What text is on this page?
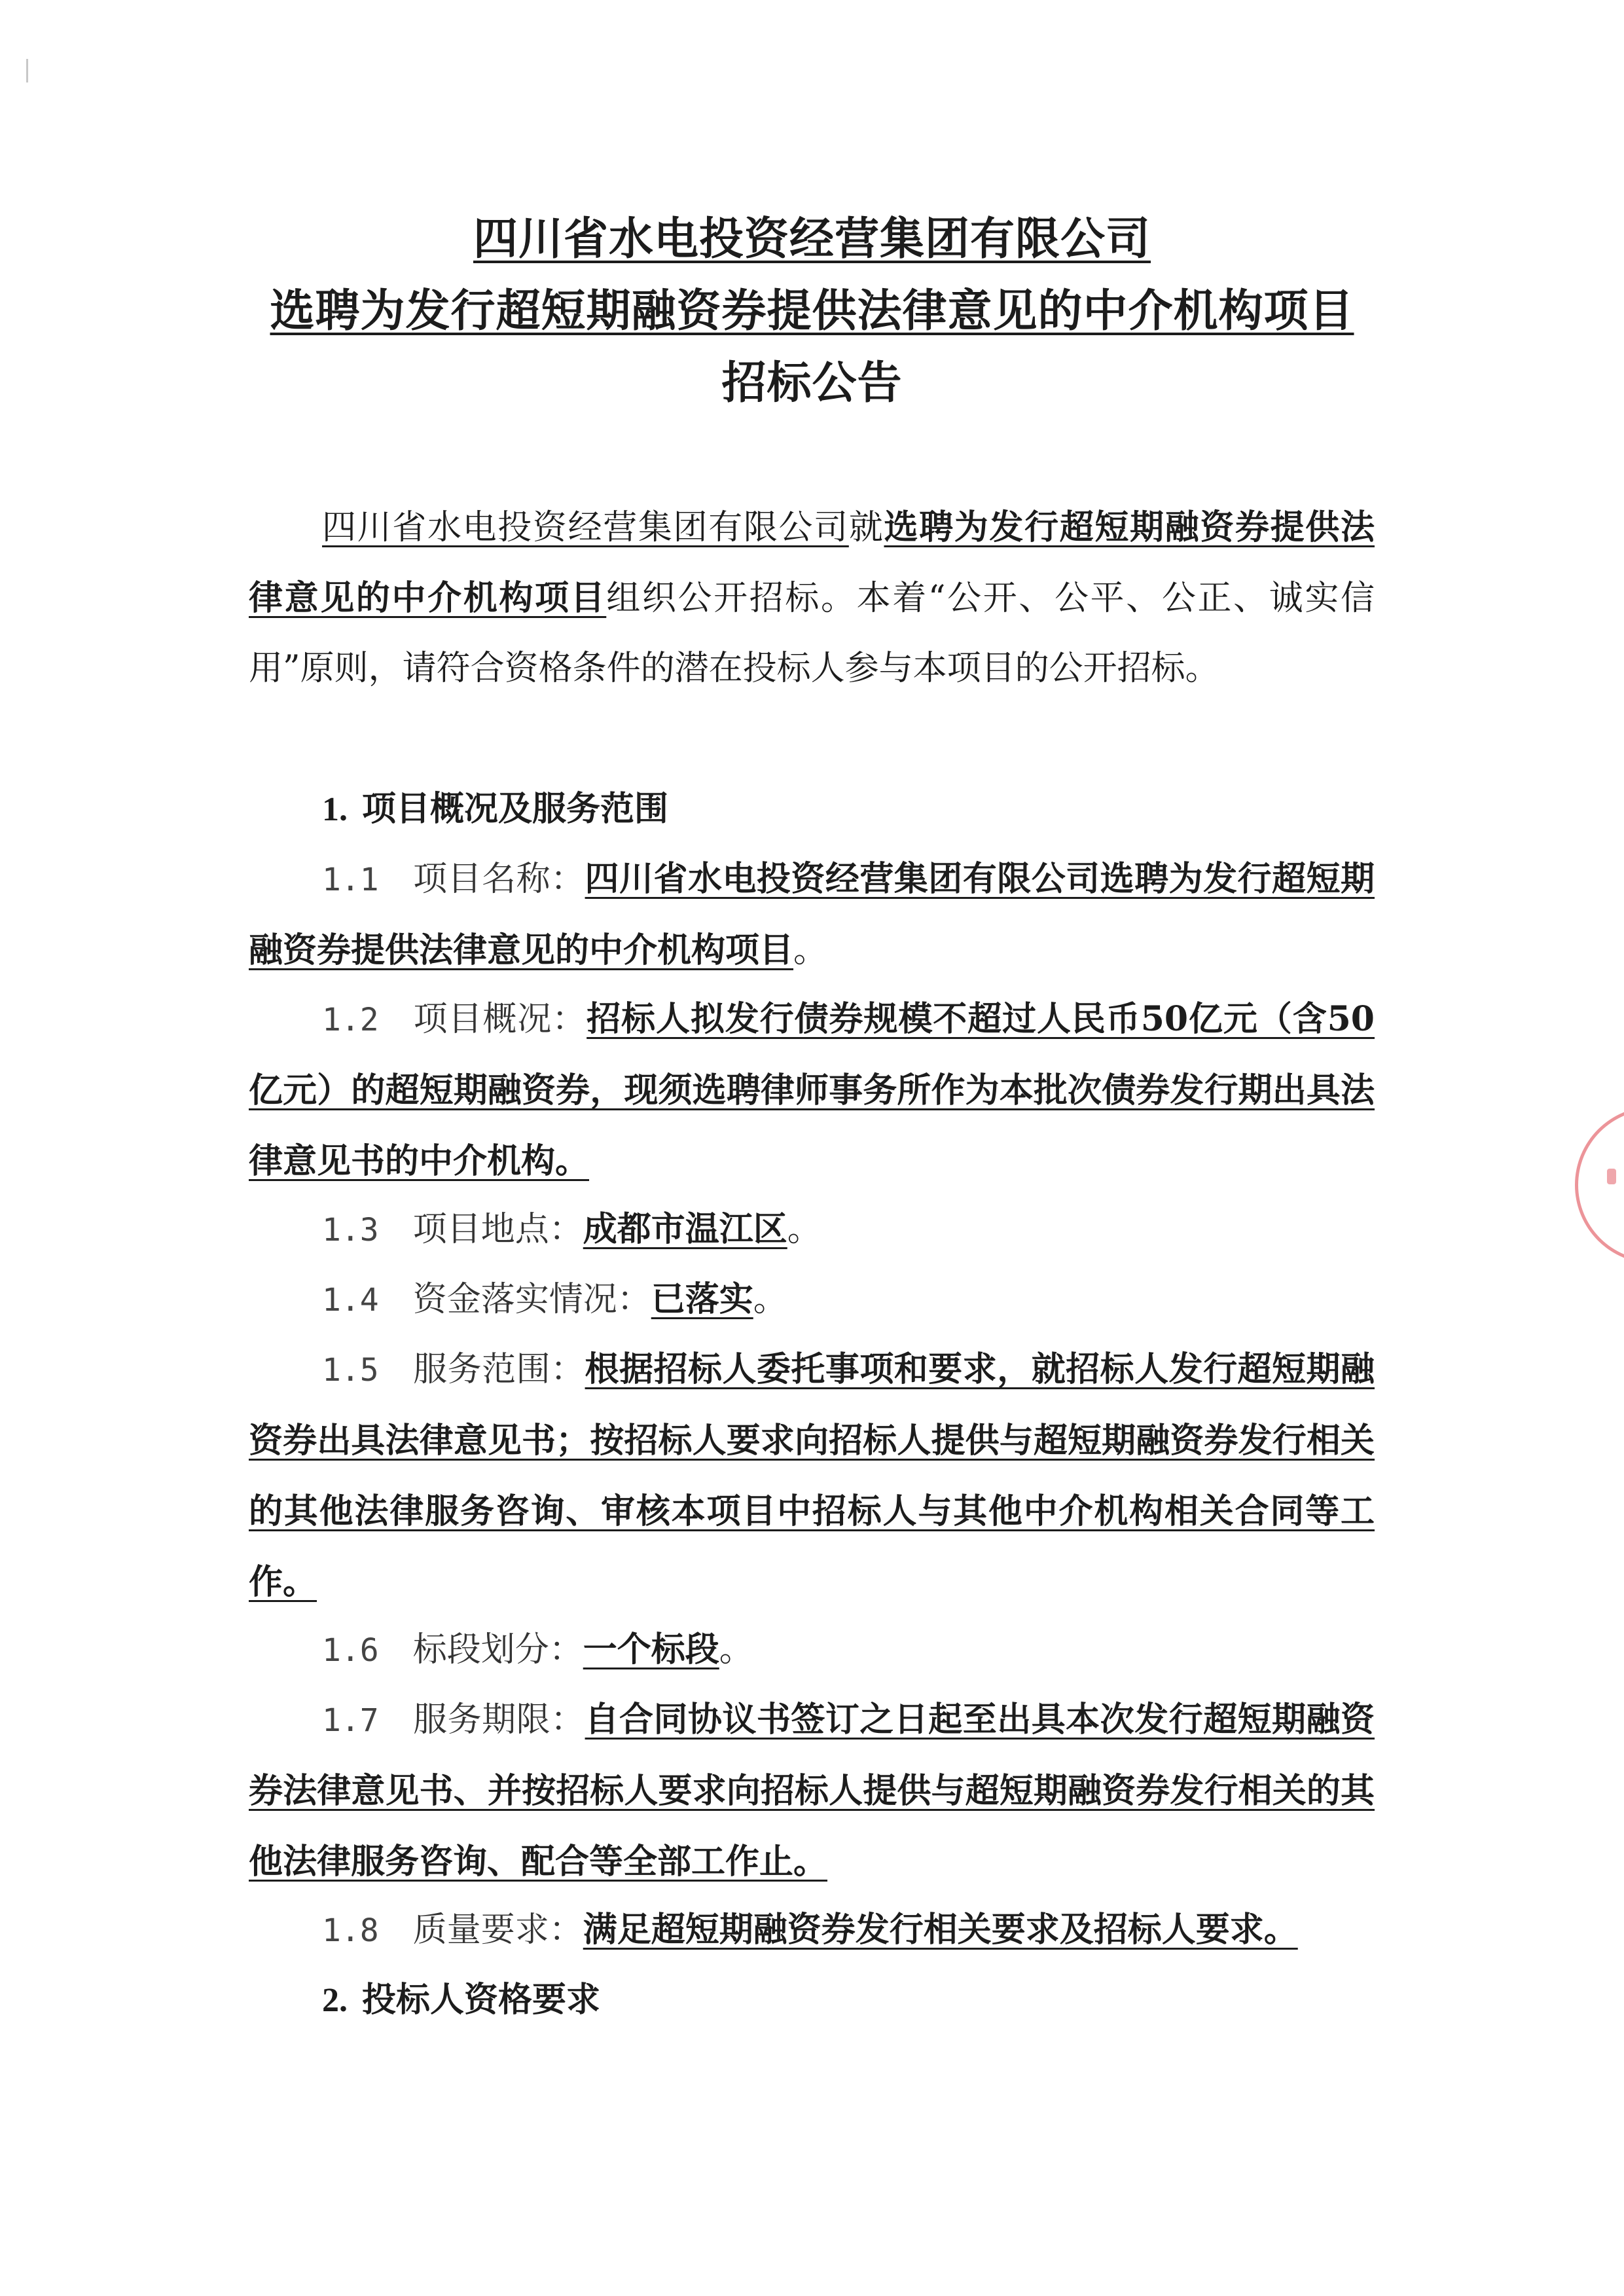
四川省水电投资经营集团有限公司
选聘为发行超短期融资券提供法律意见的中介机构项目
招标公告
四川省水电投资经营集团有限公司就选聘为发行超短期融资券提供法律意见的中介机构项目组织公开招标。本着“公开、公平、公正、诚实信用”原则，请符合资格条件的潜在投标人参与本项目的公开招标。
1. 项目概况及服务范围
1.1  项目名称：四川省水电投资经营集团有限公司选聘为发行超短期融资券提供法律意见的中介机构项目。
1.2  项目概况：招标人拟发行债券规模不超过人民币50亿元（含50亿元）的超短期融资券，现须选聘律师事务所作为本批次债券发行期出具法律意见书的中介机构。
1.3  项目地点：成都市温江区。
1.4  资金落实情况：已落实。
1.5  服务范围：根据招标人委托事项和要求，就招标人发行超短期融资券出具法律意见书；按招标人要求向招标人提供与超短期融资券发行相关的其他法律服务咨询、审核本项目中招标人与其他中介机构相关合同等工作。
1.6  标段划分：一个标段。
1.7  服务期限：自合同协议书签订之日起至出具本次发行超短期融资券法律意见书、并按招标人要求向招标人提供与超短期融资券发行相关的其他法律服务咨询、配合等全部工作止。
1.8  质量要求：满足超短期融资券发行相关要求及招标人要求。
2. 投标人资格要求
